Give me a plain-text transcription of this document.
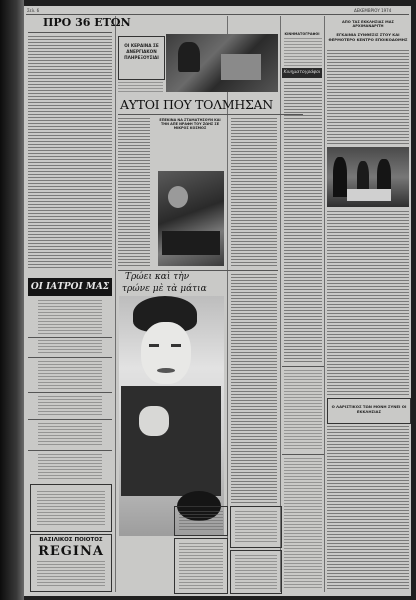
Σελ. 6	ΔΕΚΕΜΒΡΙΟΥ 1974
ΠΡΟ 36 ΕΤΩΝ
ΟΙ ΙΑΤΡΟΙ ΜΑΣ
ΒΑΣΙΛΙΚΟΣ ΠΟΙΟΤΟΣ
REGINA
ΟΙ ΚΕΡΑΙΝΑ ΣΕ ΑΝΕΡΓΙΑΚΟΝ ΠΛΗΡΕΞΟΥΣΙΑΙ
ΑΥΤΟΙ ΠΟΥ ΤΟΛΜΗΣΑΝ
ΕΠΕΚΙΝΑ ΝΑ ΣΤΑΜΑΤΗΣΟΥΝ ΚΑΙ ΤΗΝ ΑΠΕ ΝΡΑΦΗ ΤΟΥ ΖΩΗΣ ΣΕ ΜΙΚΡΟΣ ΚΟΣΜΟΣ
Τρώει καὶ τὴν
τρώνε μὲ τὰ μάτια
ΚΙΝΗΜΑΤΟΓΡΑΦΟΙ
Κινηματογράφοι
ΑΠΟ ΤΑΣ ΕΚΚΛΗΣΙΑΣ ΜΑΣ ΑΡΧΙΜΑΝΔΡΙΤΗ
ΕΓΚΑΙΝΙΑ ΣΥΝΘΕΣΙΣ ΣΤΟΥ ΚΑΙ ΘΕΡΜΟΤΕΡΟ ΚΕΝΤΡΟ ΕΠΟΙΚΟΔΟΜΗΣ
Ο ΛΑΡΙΣΤΙΚΟΣ ΤΩΝ ΜΟΝΗ ΣΥΝΕΙ ΟΙ ΕΚΚΛΗΣΙΑΣ
